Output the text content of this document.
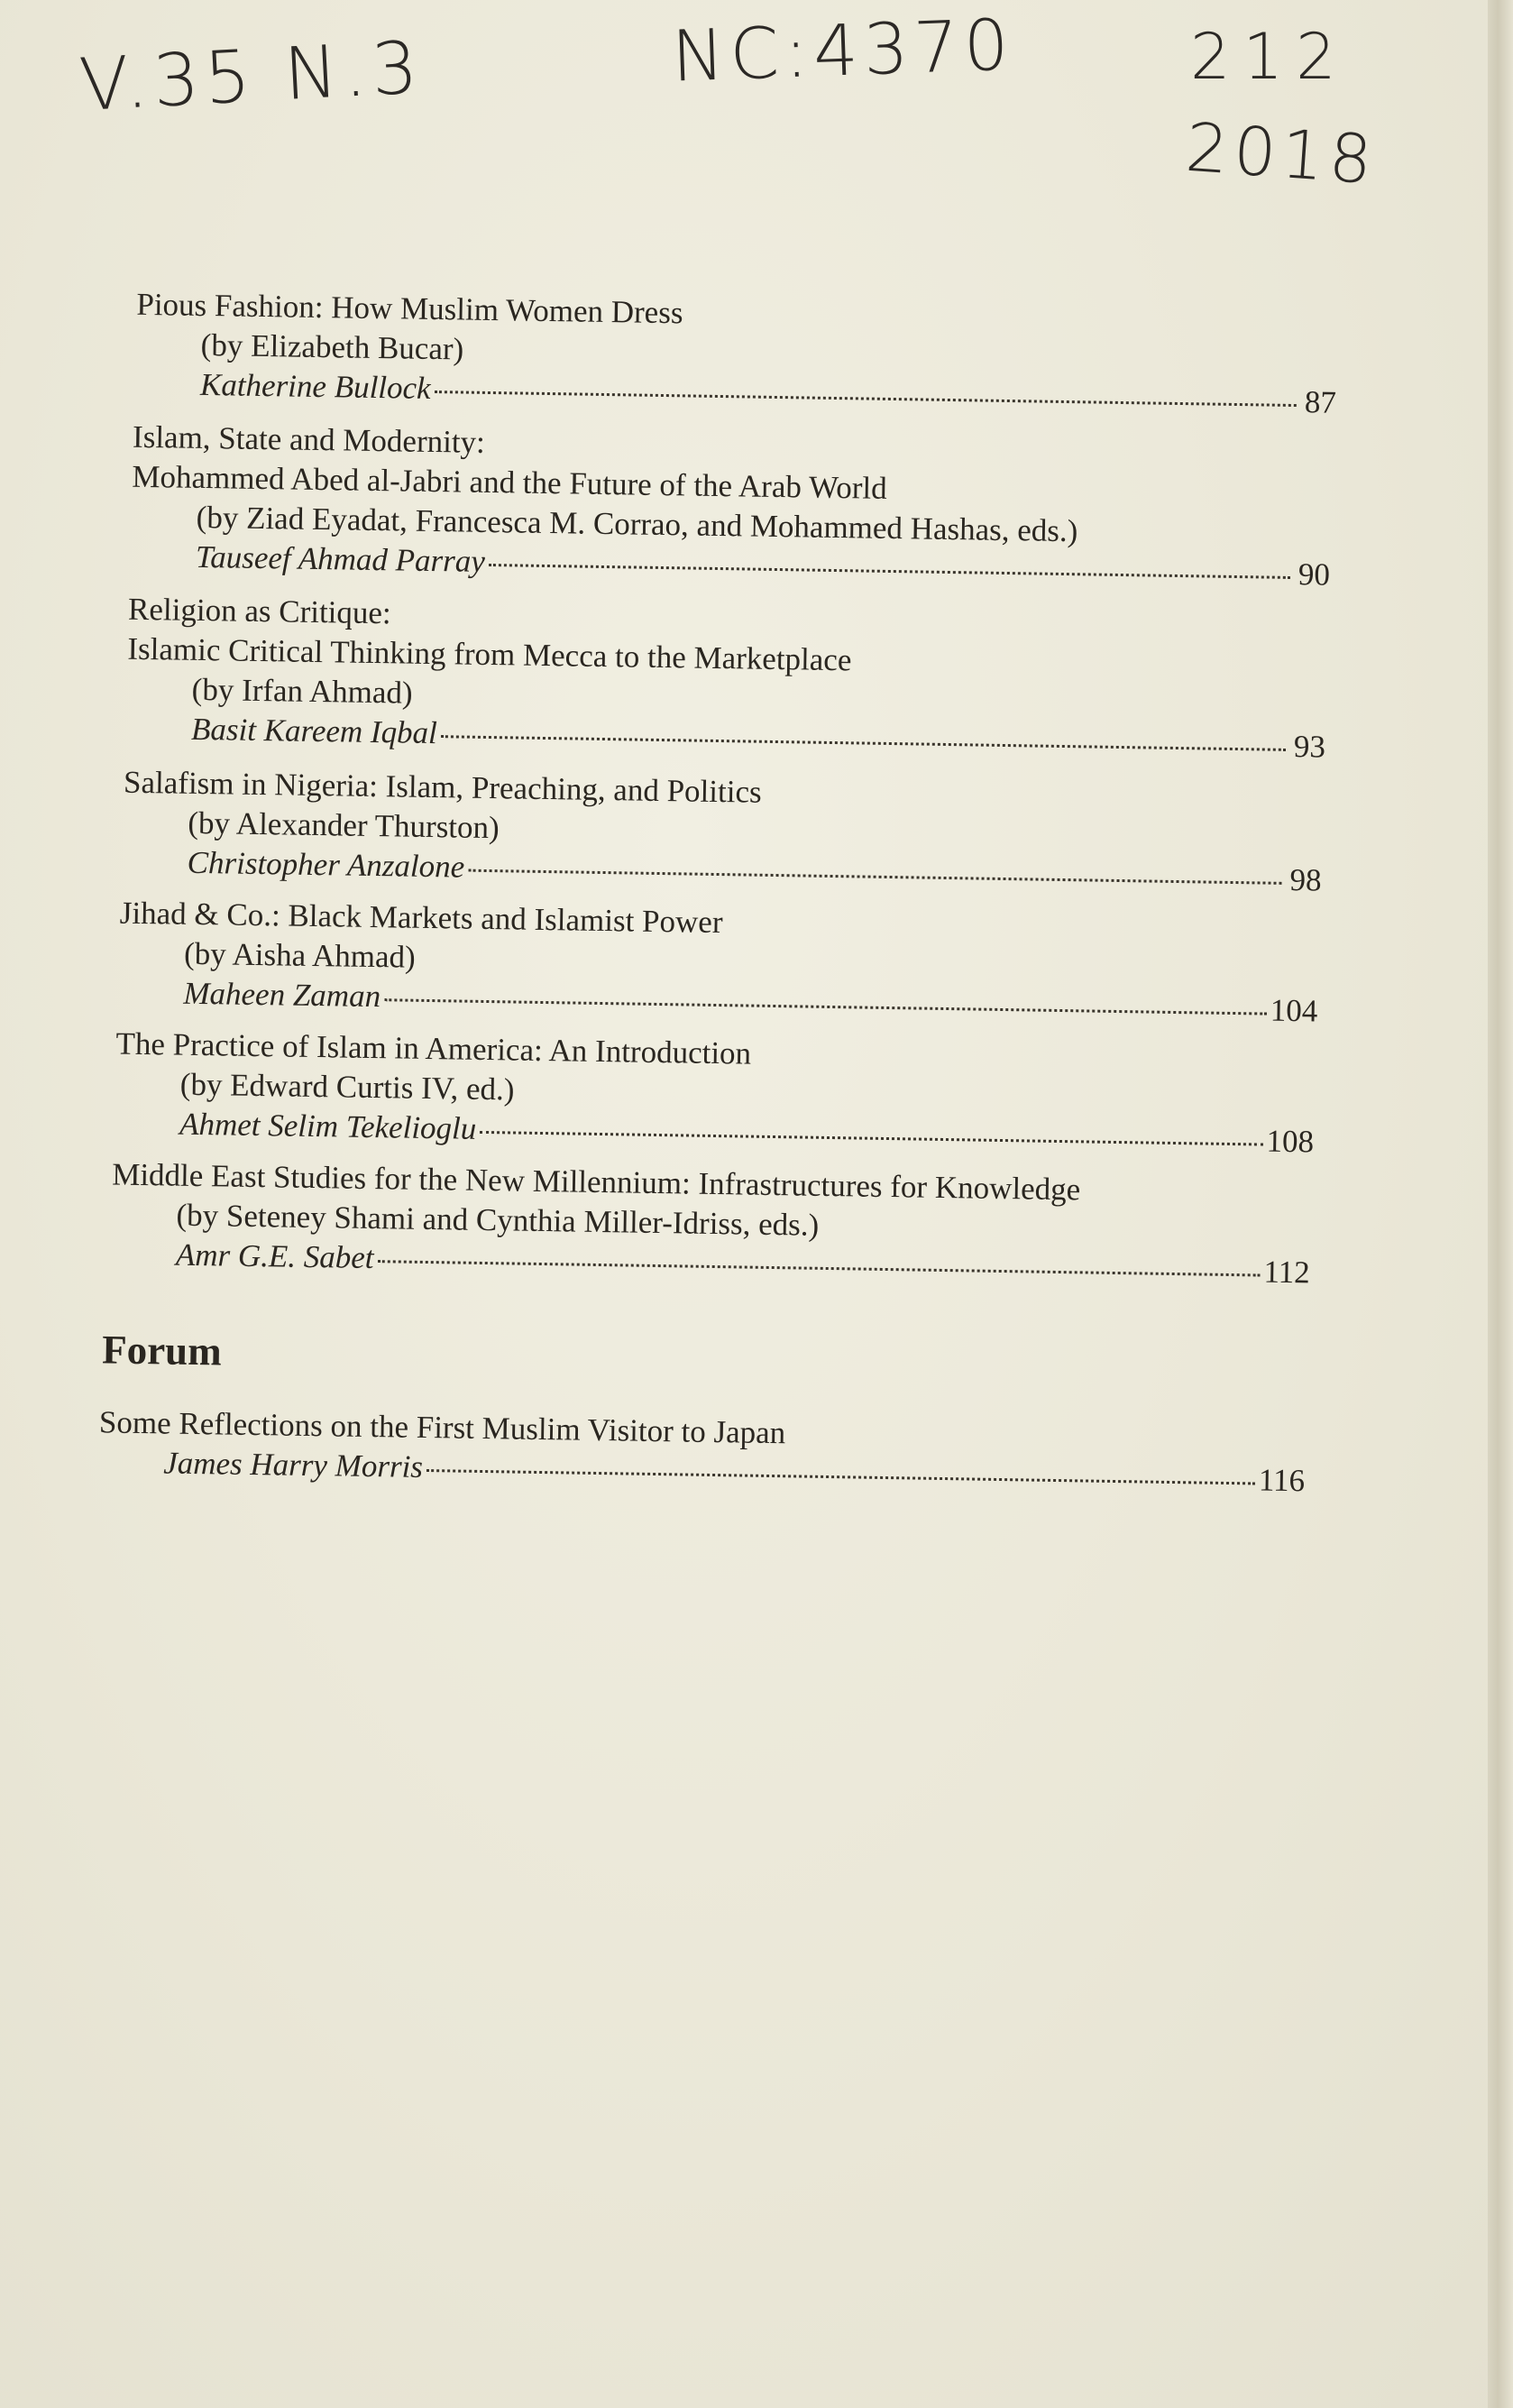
V.35 N.3	NC:4370	212
2018
Pious Fashion: How Muslim Women Dress
(by Elizabeth Bucar)
Katherine Bullock	87
Islam, State and Modernity:
Mohammed Abed al-Jabri and the Future of the Arab World
(by Ziad Eyadat, Francesca M. Corrao, and Mohammed Hashas, eds.)
Tauseef Ahmad Parray	90
Religion as Critique:
Islamic Critical Thinking from Mecca to the Marketplace
(by Irfan Ahmad)
Basit Kareem Iqbal	93
Salafism in Nigeria: Islam, Preaching, and Politics
(by Alexander Thurston)
Christopher Anzalone	98
Jihad & Co.: Black Markets and Islamist Power
(by Aisha Ahmad)
Maheen Zaman	104
The Practice of Islam in America: An Introduction
(by Edward Curtis IV, ed.)
Ahmet Selim Tekelioglu	108
Middle East Studies for the New Millennium: Infrastructures for Knowledge
(by Seteney Shami and Cynthia Miller-Idriss, eds.)
Amr G.E. Sabet	112
Forum
Some Reflections on the First Muslim Visitor to Japan
James Harry Morris	116
